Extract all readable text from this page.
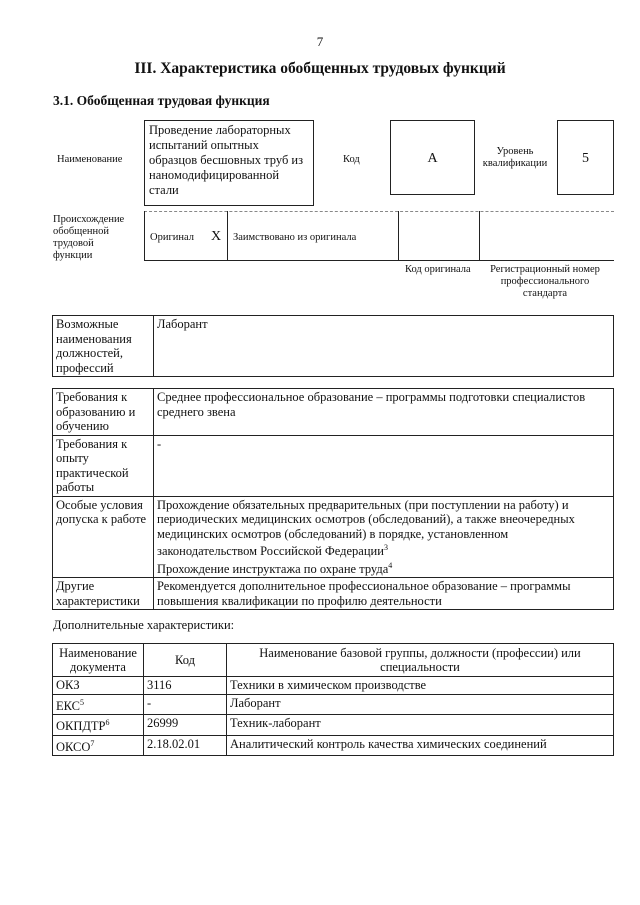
7
III. Характеристика обобщенных трудовых функций
3.1. Обобщенная трудовая функция
Наименование
Проведение лабораторных испытаний опытных образцов бесшовных труб из наномодифицированной стали
Код	А	Уровень квалификации	5
Происхождение обобщенной трудовой функции
Оригинал X Заимствовано из оригинала
Код оригинала	Регистрационный номер профессионального стандарта
Возможные наименования должностей, профессий	Лаборант
Требования к образованию и обучению	Среднее профессиональное образование – программы подготовки специалистов среднего звена
Требования к опыту практической работы	-
Особые условия допуска к работе	Прохождение обязательных предварительных (при поступлении на работу) и периодических медицинских осмотров (обследований), а также внеочередных медицинских осмотров (обследований) в порядке, установленном законодательством Российской Федерации$^3$
Прохождение инструктажа по охране труда$^4$
Другие характеристики	Рекомендуется дополнительное профессиональное образование – программы повышения квалификации по профилю деятельности
Дополнительные характеристики:
Наименование документа	Код	Наименование базовой группы, должности (профессии) или специальности
ОКЗ	3116	Техники в химическом производстве
ЕКС$^5$	-	Лаборант
ОКПДТР$^6$	26999	Техник-лаборант
ОКСО$^7$	2.18.02.01	Аналитический контроль качества химических соединений
